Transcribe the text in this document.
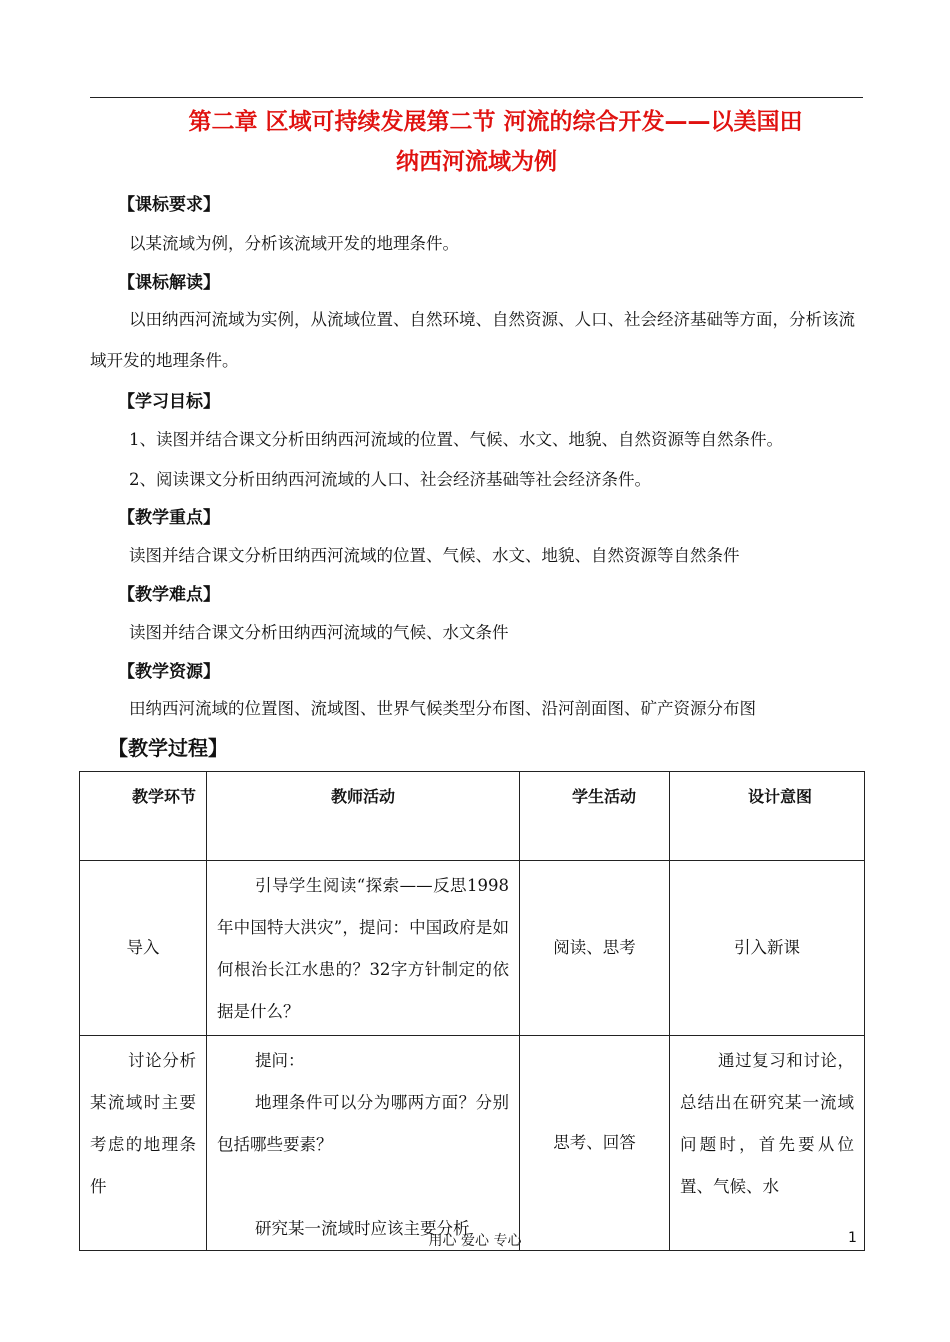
第二章 区域可持续发展第二节 河流的综合开发——以美国田
纳西河流域为例
【课标要求】
以某流域为例，分析该流域开发的地理条件。
【课标解读】
以田纳西河流域为实例，从流域位置、自然环境、自然资源、人口、社会经济基础等方面，分析该流域开发的地理条件。
【学习目标】
1、读图并结合课文分析田纳西河流域的位置、气候、水文、地貌、自然资源等自然条件。
2、阅读课文分析田纳西河流域的人口、社会经济基础等社会经济条件。
【教学重点】
读图并结合课文分析田纳西河流域的位置、气候、水文、地貌、自然资源等自然条件
【教学难点】
读图并结合课文分析田纳西河流域的气候、水文条件
【教学资源】
田纳西河流域的位置图、流域图、世界气候类型分布图、沿河剖面图、矿产资源分布图
【教学过程】
教学环节	教师活动	学生活动	设计意图
导入	引导学生阅读“探索——反思1998年中国特大洪灾”，提问：中国政府是如何根治长江水患的？32字方针制定的依据是什么？	阅读、思考	引入新课
讨论分析某流域时主要考虑的地理条件	提问：
地理条件可以分为哪两方面？分别包括哪些要素？
研究某一流域时应该主要分析	思考、回答	通过复习和讨论，总结出在研究某一流域问题时，首先要从位置、气候、水
用心 爱心 专心	1
